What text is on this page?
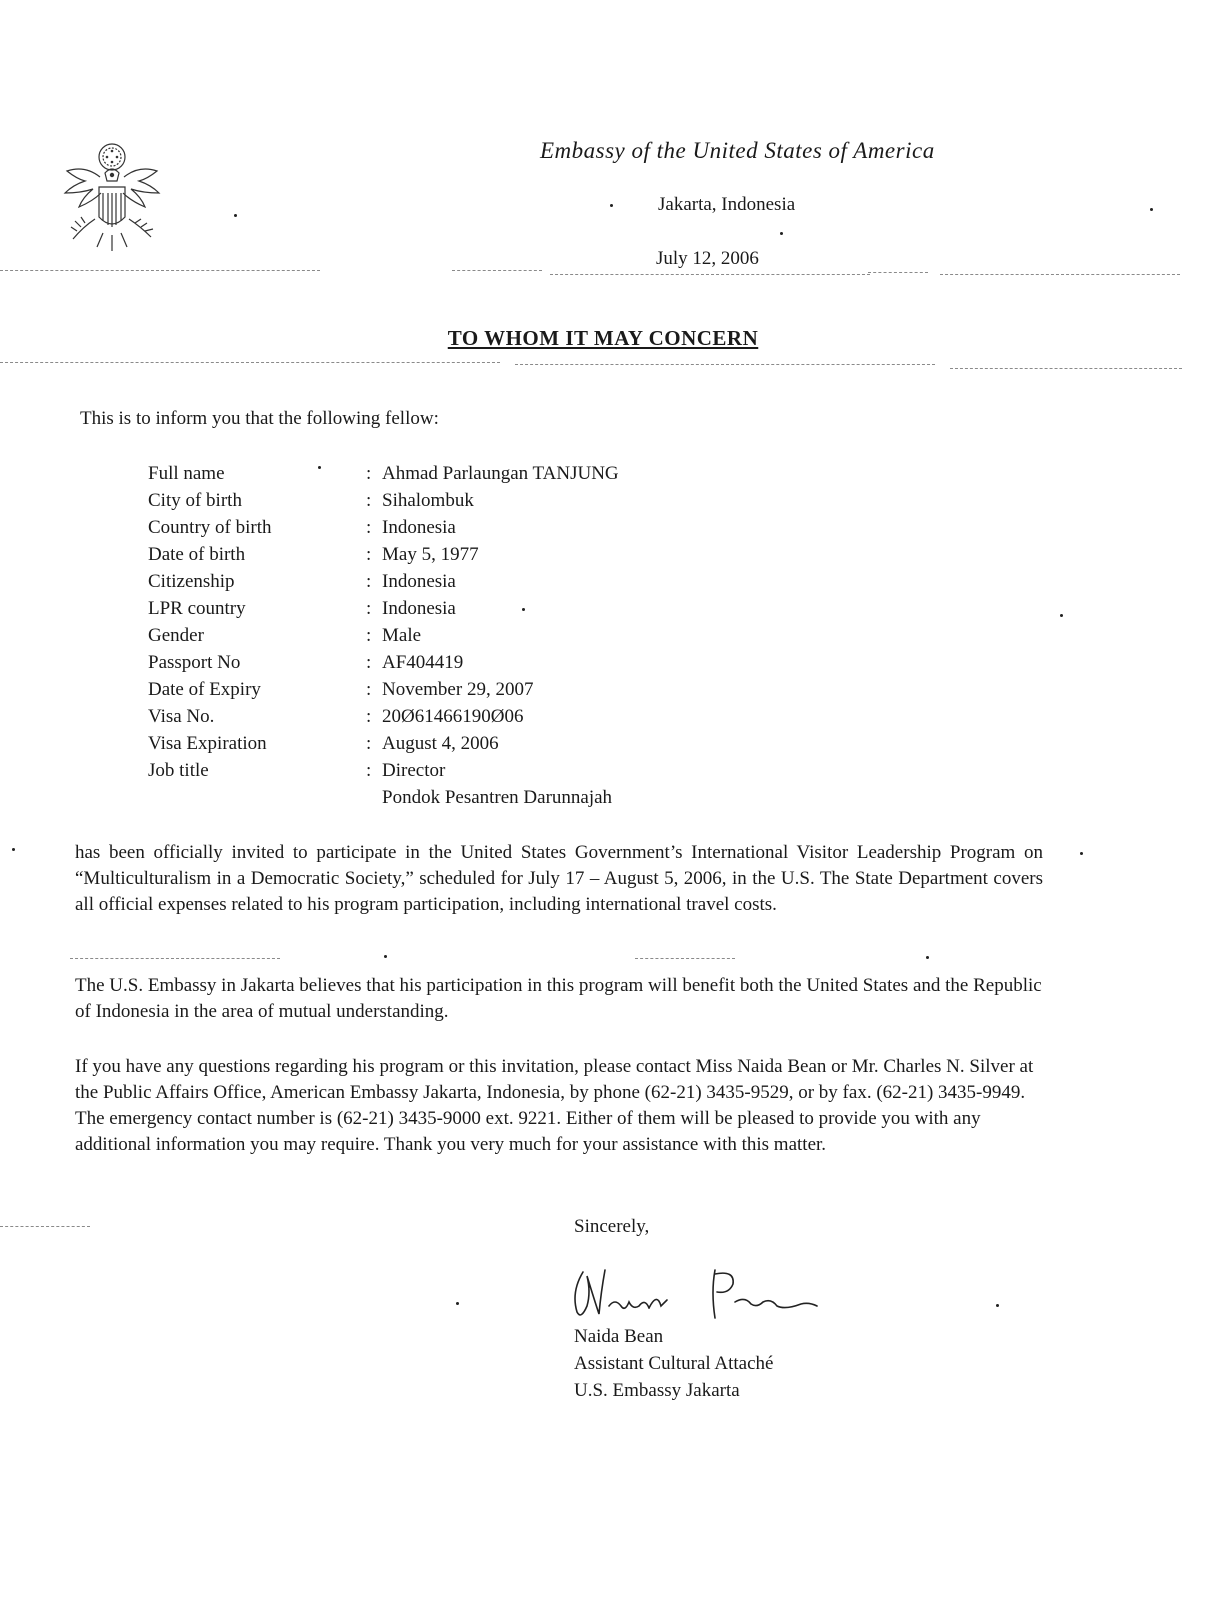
Embassy of the United States of America
Jakarta, Indonesia
July 12, 2006
TO WHOM IT MAY CONCERN
This is to inform you that the following fellow:
Full name	: Ahmad Parlaungan TANJUNG
City of birth	: Sihalombuk
Country of birth	: Indonesia
Date of birth	: May 5, 1977
Citizenship	: Indonesia
LPR country	: Indonesia
Gender	: Male
Passport No	: AF404419
Date of Expiry	: November 29, 2007
Visa No.	: 20Ø61466190Ø06
Visa Expiration	: August 4, 2006
Job title	: Director
Pondok Pesantren Darunnajah

has been officially invited to participate in the United States Government’s International Visitor Leadership Program on “Multiculturalism in a Democratic Society,” scheduled for July 17 – August 5, 2006, in the U.S. The State Department covers all official expenses related to his program participation, including international travel costs.

The U.S. Embassy in Jakarta believes that his participation in this program will benefit both the United States and the Republic of Indonesia in the area of mutual understanding.

If you have any questions regarding his program or this invitation, please contact Miss Naida Bean or Mr. Charles N. Silver at the Public Affairs Office, American Embassy Jakarta, Indonesia, by phone (62-21) 3435-9529, or by fax. (62-21) 3435-9949. The emergency contact number is (62-21) 3435-9000 ext. 9221. Either of them will be pleased to provide you with any additional information you may require. Thank you very much for your assistance with this matter.

Sincerely,
Naida Bean
Assistant Cultural Attaché
U.S. Embassy Jakarta
